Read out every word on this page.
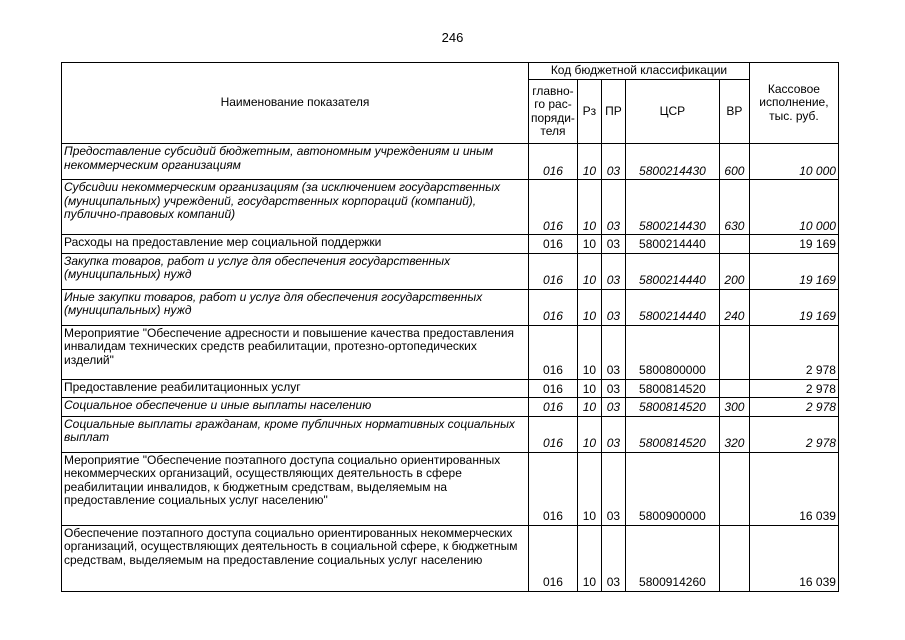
246
Наименование показателя	Код бюджетной классификации					Кассовое
исполнение,
тыс. руб.
	главно-
го рас-
поряди-
теля	Рз	ПР	ЦСР	ВР	
Предоставление субсидий бюджетным, автономным учреждениям и иным некоммерческим организациям	016	10	03	5800214430	600	10 000
Субсидии некоммерческим организациям (за исключением государственных (муниципальных) учреждений, государственных корпораций (компаний), публично-правовых компаний)	016	10	03	5800214430	630	10 000
Расходы на предоставление мер социальной поддержки	016	10	03	5800214440		19 169
Закупка товаров, работ и услуг для обеспечения государственных (муниципальных) нужд	016	10	03	5800214440	200	19 169
Иные закупки товаров, работ и услуг для обеспечения государственных (муниципальных) нужд	016	10	03	5800214440	240	19 169
Мероприятие "Обеспечение адресности и повышение качества предоставления инвалидам технических средств реабилитации, протезно-ортопедических изделий"	016	10	03	5800800000		2 978
Предоставление реабилитационных услуг	016	10	03	5800814520		2 978
Социальное обеспечение и иные выплаты населению	016	10	03	5800814520	300	2 978
Социальные выплаты гражданам, кроме публичных нормативных социальных выплат	016	10	03	5800814520	320	2 978
Мероприятие "Обеспечение поэтапного доступа социально ориентированных некоммерческих организаций, осуществляющих деятельность в сфере реабилитации инвалидов, к бюджетным средствам, выделяемым на предоставление социальных услуг населению"	016	10	03	5800900000		16 039
Обеспечение поэтапного доступа социально ориентированных некоммерческих организаций, осуществляющих деятельность в социальной сфере, к бюджетным средствам, выделяемым на предоставление социальных услуг населению	016	10	03	5800914260		16 039
